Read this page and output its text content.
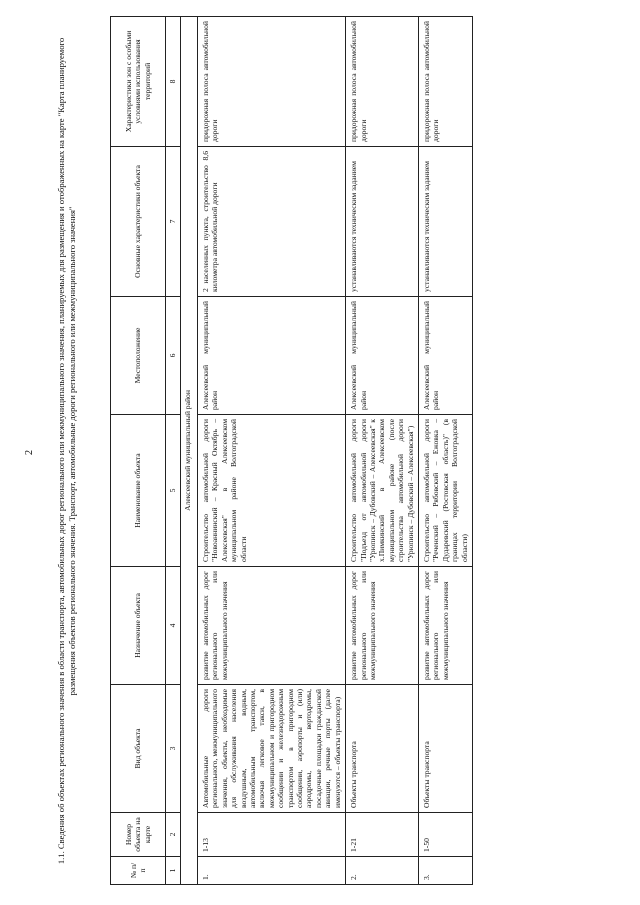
2 1.1. Сведения об объектах регионального значения в области транспорта, автомобильных дорог регионального или межмуниципального значения, планируемых для размещения и отображенных на карте "Карта планируемого размещения объектов регионального значения. Транспорт, автомобильные дороги регионального или межмуниципального значения"

№ п/п	Номер объекта на карте	Вид объекта	Назначение объекта	Наименование объекта	Местоположение	Основные характеристики объекта	Характеристики зон с особыми условиями использования территорий
1	2	3	4	5	6	7	8
Алексеевский муниципальный район							
1.	1-13	Автомобильные дороги регионального, межмуниципального значения, объекты, необходимые для обслуживания населения воздушным, водным, автомобильным транспортом, включая легковое такси, в межмуниципальном и пригородном сообщении и железнодорожным транспортом в пригородном сообщении, аэропорты и (или) аэродромы, вертодромы, посадочные площадки гражданской авиации, речные порты (далее именуются – объекты транспорта)	развитие автомобильных дорог регионального или межмуниципального значения	Строительство автомобильной дороги "Новоаннинский – Красный Октябрь – Алексеевская" в Алексеевском муниципальном районе Волгоградской области	Алексеевский муниципальный район	2 населенных пункта, строительство 8,6 километра автомобильной дороги	придорожная полоса автомобильной дороги
2.	1-21	Объекты транспорта	развитие автомобильных дорог регионального или межмуниципального значения	Строительство автомобильной дороги "Подъезд от автомобильной дороги "Урюпинск – Дубовский – Алексеевская" к х.Пимкинский в Алексеевском муниципальном районе (после строительства автомобильной дороги "Урюпинск – Дубовский – Алексеевская")	Алексеевский муниципальный район	устанавливаются техническим заданием	придорожная полоса автомобильной дороги
3.	1-50	Объекты транспорта	развитие автомобильных дорог регионального или межмуниципального значения	Строительство автомобильной дороги "Реченский – Рябовский – Ежовка – Дударевский (Ростовская область)" (в границах территории Волгоградской области)	Алексеевский муниципальный район	устанавливаются техническим заданием	придорожная полоса автомобильной дороги
